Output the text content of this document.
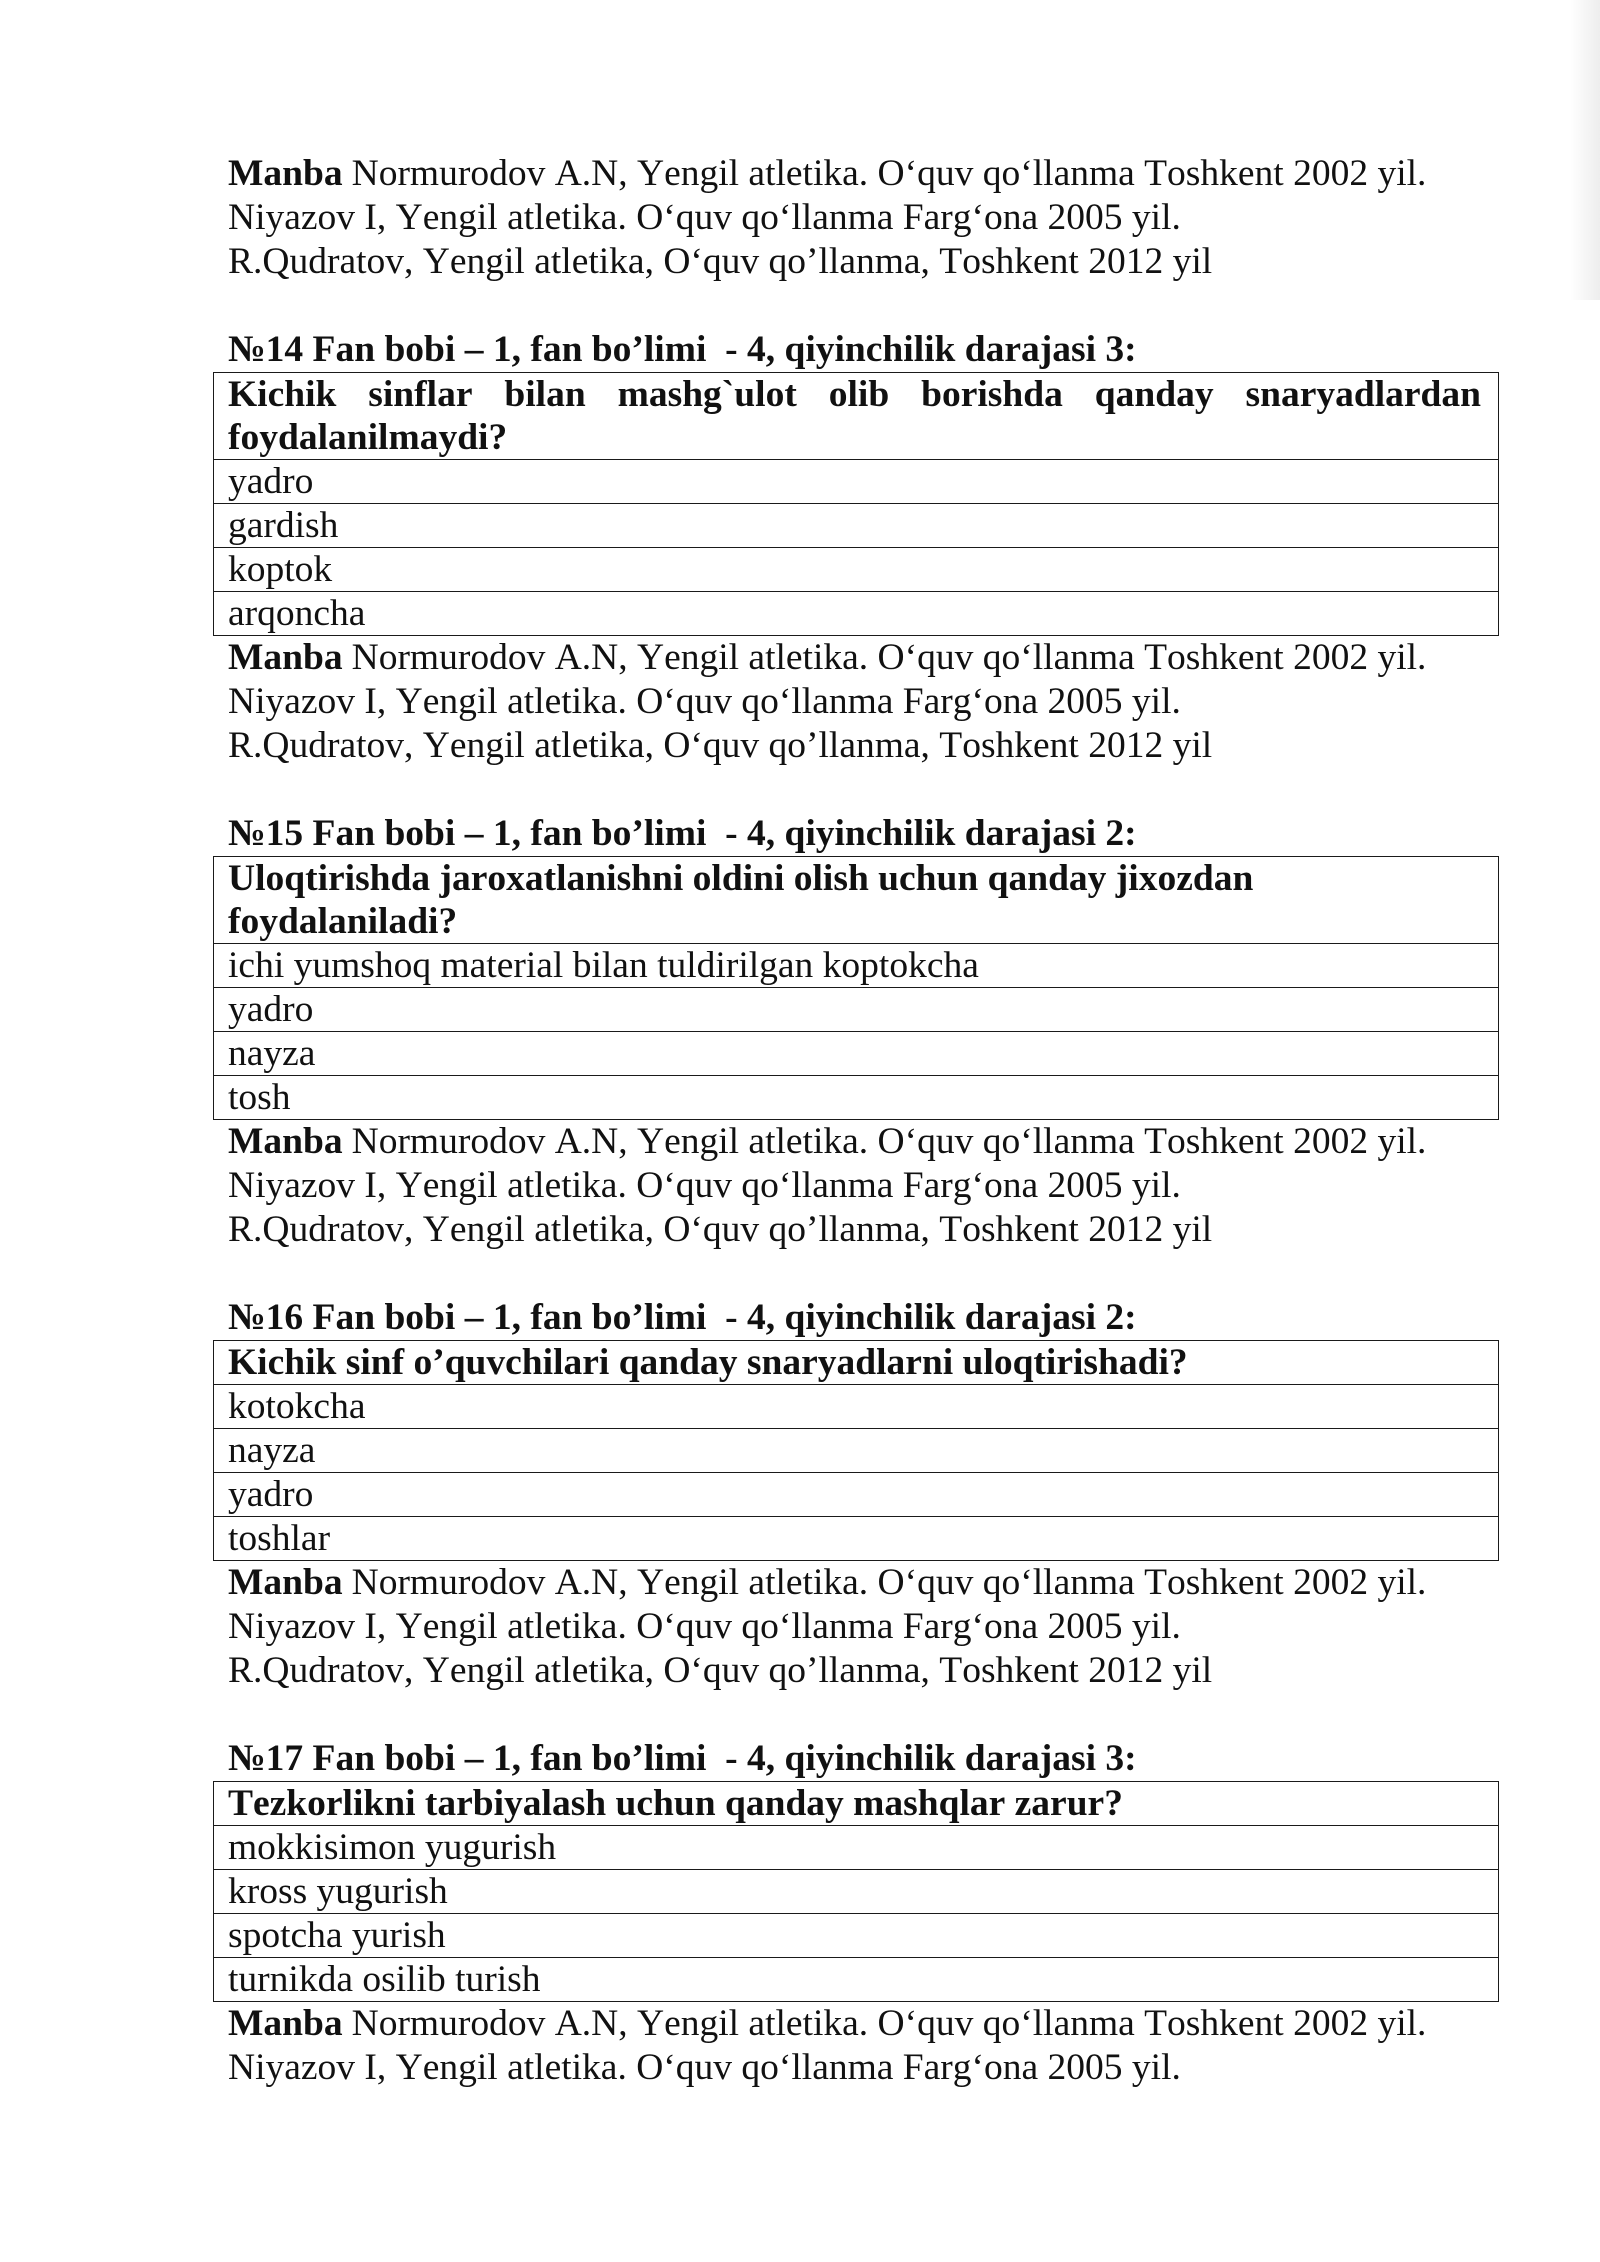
Manba Normurodov A.N, Yengil atletika. O‘quv qo‘llanma Toshkent 2002 yil.
Niyazov I, Yengil atletika. O‘quv qo‘llanma Farg‘ona 2005 yil.
R.Qudratov, Yengil atletika, O‘quv qo’llanma, Toshkent 2012 yil
№14 Fan bobi – 1, fan bo’limi  - 4, qiyinchilik darajasi 3:
Kichik sinflar bilan mashg`ulot olib borishda qanday snaryadlardan foydalanilmaydi?
yadro
gardish
koptok
arqoncha
Manba Normurodov A.N, Yengil atletika. O‘quv qo‘llanma Toshkent 2002 yil.
Niyazov I, Yengil atletika. O‘quv qo‘llanma Farg‘ona 2005 yil.
R.Qudratov, Yengil atletika, O‘quv qo’llanma, Toshkent 2012 yil
№15 Fan bobi – 1, fan bo’limi  - 4, qiyinchilik darajasi 2:
Uloqtirishda jaroxatlanishni oldini olish uchun qanday jixozdan foydalaniladi?
ichi yumshoq material bilan tuldirilgan koptokcha
yadro
nayza
tosh
Manba Normurodov A.N, Yengil atletika. O‘quv qo‘llanma Toshkent 2002 yil.
Niyazov I, Yengil atletika. O‘quv qo‘llanma Farg‘ona 2005 yil.
R.Qudratov, Yengil atletika, O‘quv qo’llanma, Toshkent 2012 yil
№16 Fan bobi – 1, fan bo’limi  - 4, qiyinchilik darajasi 2:
Kichik sinf o’quvchilari qanday snaryadlarni uloqtirishadi?
kotokcha
nayza
yadro
toshlar
Manba Normurodov A.N, Yengil atletika. O‘quv qo‘llanma Toshkent 2002 yil.
Niyazov I, Yengil atletika. O‘quv qo‘llanma Farg‘ona 2005 yil.
R.Qudratov, Yengil atletika, O‘quv qo’llanma, Toshkent 2012 yil
№17 Fan bobi – 1, fan bo’limi  - 4, qiyinchilik darajasi 3:
Tezkorlikni tarbiyalash uchun qanday mashqlar zarur?
mokkisimon yugurish
kross yugurish
spotcha yurish
turnikda osilib turish
Manba Normurodov A.N, Yengil atletika. O‘quv qo‘llanma Toshkent 2002 yil.
Niyazov I, Yengil atletika. O‘quv qo‘llanma Farg‘ona 2005 yil.
